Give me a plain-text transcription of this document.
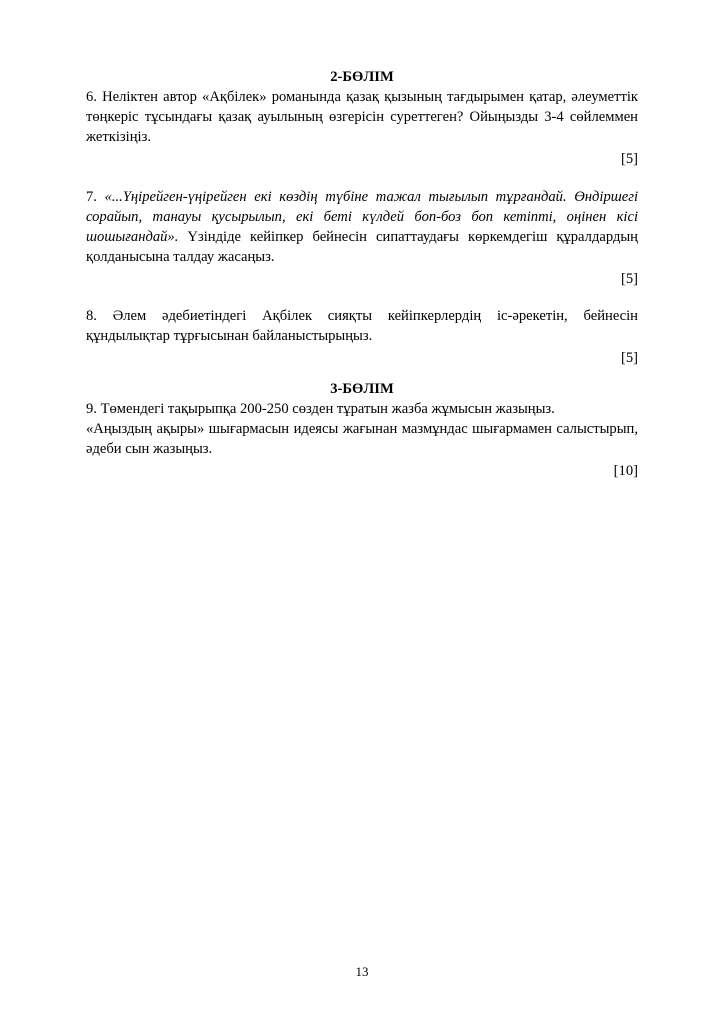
2-БӨЛІМ

6. Неліктен автор «Ақбілек» романында қазақ қызының тағдырымен қатар, әлеуметтік төңкеріс тұсындағы қазақ ауылының өзгерісін суреттеген? Ойыңызды 3-4 сөйлеммен жеткізіңіз.

[5]

7. «...Үңірейген-үңірейген екі көздің түбіне тажал тығылып тұрғандай. Өндіршегі сорайып, танауы қусырылып, екі беті күлдей боп-боз боп кетіпті, оңінен кісі шошығандай». Үзіндіде кейіпкер бейнесін сипаттаудағы көркемдегіш құралдардың қолданысына талдау жасаңыз.

[5]

8. Әлем әдебиетіндегі Ақбілек сияқты кейіпкерлердің іс-әрекетін, бейнесін құндылықтар тұрғысынан байланыстырыңыз.

[5]
3-БӨЛІМ

9. Төмендегі тақырыпқа 200-250 сөзден тұратын жазба жұмысын жазыңыз.

«Аңыздың ақыры» шығармасын идеясы жағынан мазмұндас шығармамен салыстырып, әдеби сын жазыңыз.

[10]
13
